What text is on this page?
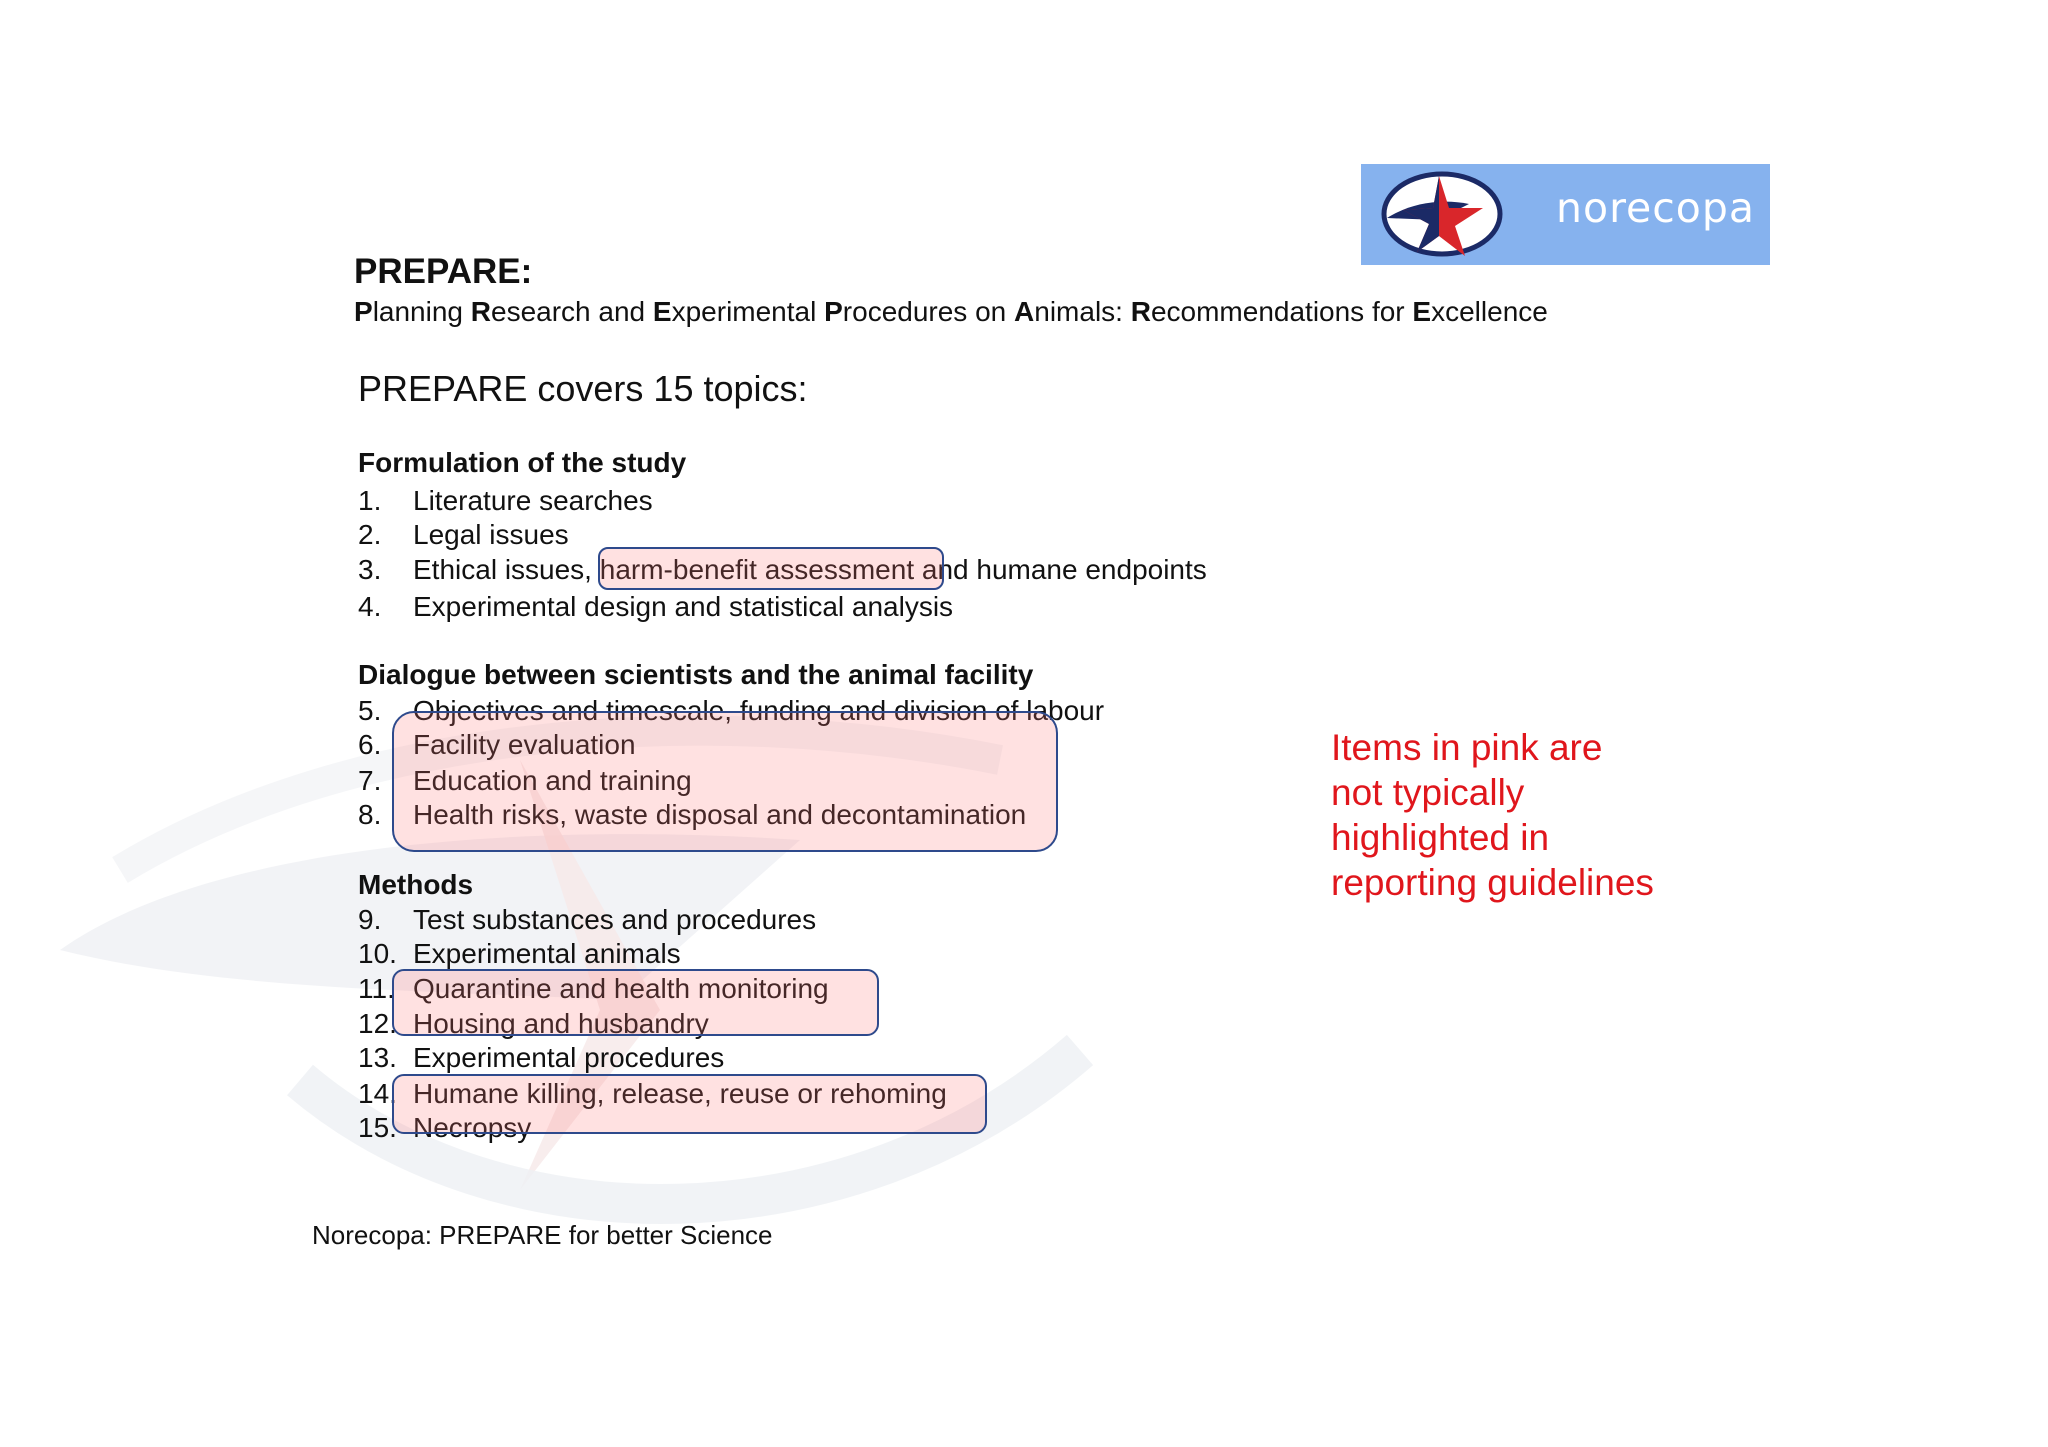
norecopa
PREPARE:
Planning Research and Experimental Procedures on Animals: Recommendations for Excellence
PREPARE covers 15 topics:
Formulation of the study
1. Literature searches
2. Legal issues
3. Ethical issues, harm-benefit assessment and humane endpoints
4. Experimental design and statistical analysis
Dialogue between scientists and the animal facility
5. Objectives and timescale, funding and division of labour
6. Facility evaluation
7. Education and training
8. Health risks, waste disposal and decontamination
Methods
9. Test substances and procedures
10. Experimental animals
11. Quarantine and health monitoring
12. Housing and husbandry
13. Experimental procedures
14. Humane killing, release, reuse or rehoming
15. Necropsy
Items in pink are
not typically
highlighted in
reporting guidelines
Norecopa: PREPARE for better Science
